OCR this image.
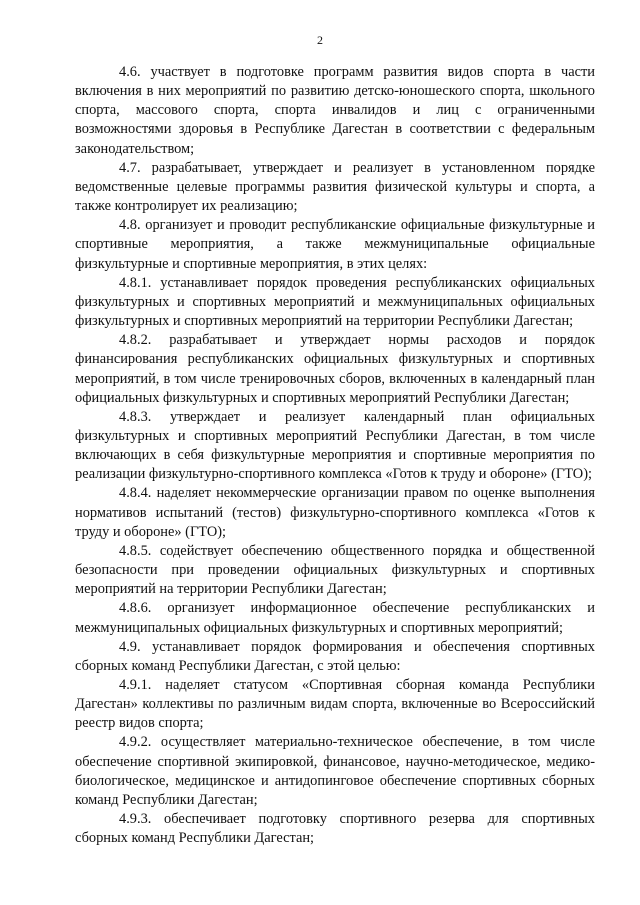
2

4.6. участвует в подготовке программ развития видов спорта в части включения в них мероприятий по развитию детско-юношеского спорта, школьного спорта, массового спорта, спорта инвалидов и лиц с ограниченными возможностями здоровья в Республике Дагестан в соответствии с федеральным законодательством;

4.7. разрабатывает, утверждает и реализует в установленном порядке ведомственные целевые программы развития физической культуры и спорта, а также контролирует их реализацию;

4.8. организует и проводит республиканские официальные физкультурные и спортивные мероприятия, а также межмуниципальные официальные физкультурные и спортивные мероприятия, в этих целях:

4.8.1. устанавливает порядок проведения республиканских официальных физкультурных и спортивных мероприятий и межмуниципальных официальных физкультурных и спортивных мероприятий на территории Республики Дагестан;

4.8.2. разрабатывает и утверждает нормы расходов и порядок финансирования республиканских официальных физкультурных и спортивных мероприятий, в том числе тренировочных сборов, включенных в календарный план официальных физкультурных и спортивных мероприятий Республики Дагестан;

4.8.3. утверждает и реализует календарный план официальных физкультурных и спортивных мероприятий Республики Дагестан, в том числе включающих в себя физкультурные мероприятия и спортивные мероприятия по реализации физкультурно-спортивного комплекса «Готов к труду и обороне» (ГТО);

4.8.4. наделяет некоммерческие организации правом по оценке выполнения нормативов испытаний (тестов) физкультурно-спортивного комплекса «Готов к труду и обороне» (ГТО);

4.8.5. содействует обеспечению общественного порядка и общественной безопасности при проведении официальных физкультурных и спортивных мероприятий на территории Республики Дагестан;

4.8.6. организует информационное обеспечение республиканских и межмуниципальных официальных физкультурных и спортивных мероприятий;

4.9. устанавливает порядок формирования и обеспечения спортивных сборных команд Республики Дагестан, с этой целью:

4.9.1. наделяет статусом «Спортивная сборная команда Республики Дагестан» коллективы по различным видам спорта, включенные во Всероссийский реестр видов спорта;

4.9.2. осуществляет материально-техническое обеспечение, в том числе обеспечение спортивной экипировкой, финансовое, научно-методическое, медико-биологическое, медицинское и антидопинговое обеспечение спортивных сборных команд Республики Дагестан;

4.9.3. обеспечивает подготовку спортивного резерва для спортивных сборных команд Республики Дагестан;
